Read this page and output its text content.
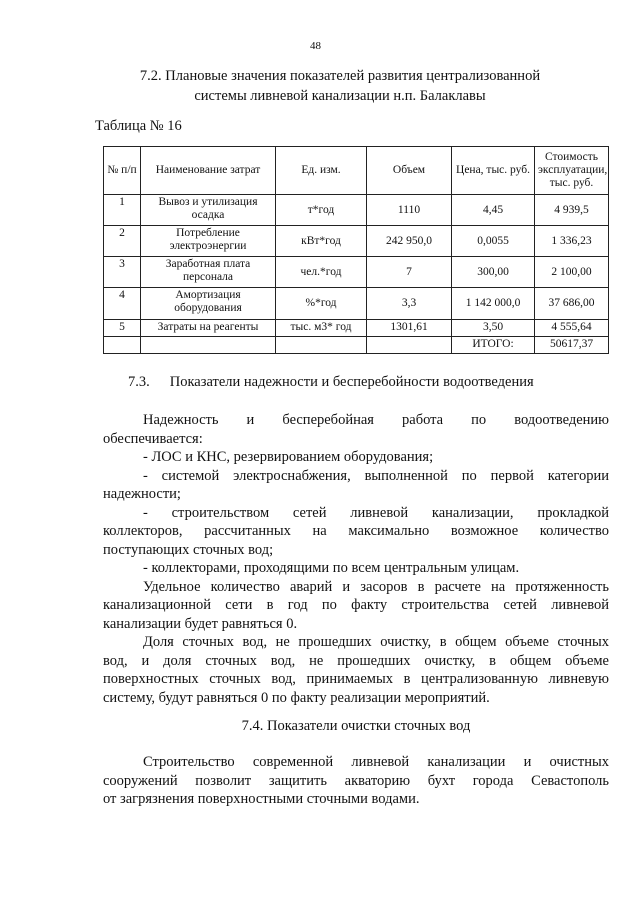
48
7.2. Плановые значения показателей развития централизованной
системы ливневой канализации н.п. Балаклавы
Таблица № 16
№ п/п	Наименование затрат	Ед. изм.	Объем	Цена, тыс. руб.	Стоимость эксплуатации, тыс. руб.
1	Вывоз и утилизация осадка	т*год	1110	4,45	4 939,5
2	Потребление электроэнергии	кВт*год	242 950,0	0,0055	1 336,23
3	Заработная плата персонала	чел.*год	7	300,00	2 100,00
4	Амортизация оборудования	%*год	3,3	1 142 000,0	37 686,00
5	Затраты на реагенты	тыс. м3* год	1301,61	3,50	4 555,64
				ИТОГО:	50617,37
7.3. Показатели надежности и бесперебойности водоотведения
Надежность и бесперебойная работа по водоотведению
обеспечивается:
- ЛОС и КНС, резервированием оборудования;
- системой электроснабжения, выполненной по первой категории
надежности;
- строительством сетей ливневой канализации, прокладкой
коллекторов, рассчитанных на максимально возможное количество
поступающих сточных вод;
- коллекторами, проходящими по всем центральным улицам.
Удельное количество аварий и засоров в расчете на протяженность
канализационной сети в год по факту строительства сетей ливневой
канализации будет равняться 0.
Доля сточных вод, не прошедших очистку, в общем объеме сточных
вод, и доля сточных вод, не прошедших очистку, в общем объеме
поверхностных сточных вод, принимаемых в централизованную ливневую
систему, будут равняться 0 по факту реализации мероприятий.
7.4. Показатели очистки сточных вод
Строительство современной ливневой канализации и очистных
сооружений позволит защитить акваторию бухт города Севастополь
от загрязнения поверхностными сточными водами.
